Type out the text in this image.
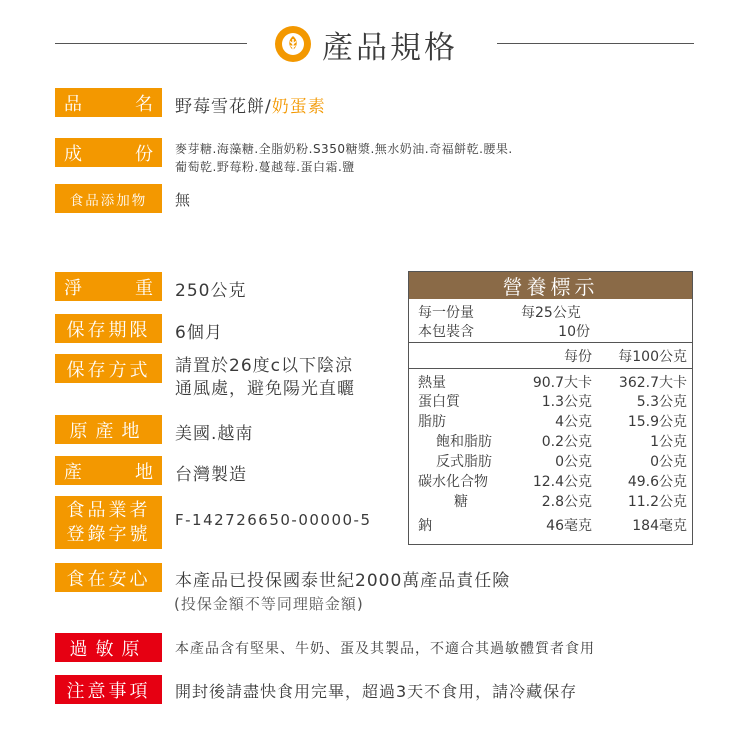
產品規格
品	名 野莓雪花餅/奶蛋素
成	份 麥芽糖.海藻糖.全脂奶粉.S350糖漿.無水奶油.奇福餅乾.腰果.
葡萄乾.野莓粉.蔓越莓.蛋白霜.鹽
食品添加物	無
淨	重 250公克
保存期限	6個月
保存方式	請置於26度c以下陰涼
通風處，避免陽光直曬
原產地	美國.越南
產	地 台灣製造
食品業者
登錄字號
F-142726650-00000-5
食在安心	本產品已投保國泰世紀2000萬產品責任險
(投保金額不等同理賠金額)
過敏原	本產品含有堅果、牛奶、蛋及其製品，不適合其過敏體質者食用
注意事項	開封後請盡快食用完畢，超過3天不食用，請冷藏保存
營養標示
每一份量	每25公克
本包裝含	10份
每份 每100公克
熱量	90.7大卡 362.7大卡
蛋白質	1.3公克	5.3公克
脂肪	4公克	15.9公克
飽和脂肪	0.2公克	1公克
反式脂肪	0公克	0公克
碳水化合物	12.4公克	49.6公克
糖	2.8公克	11.2公克
鈉	46毫克	184毫克
